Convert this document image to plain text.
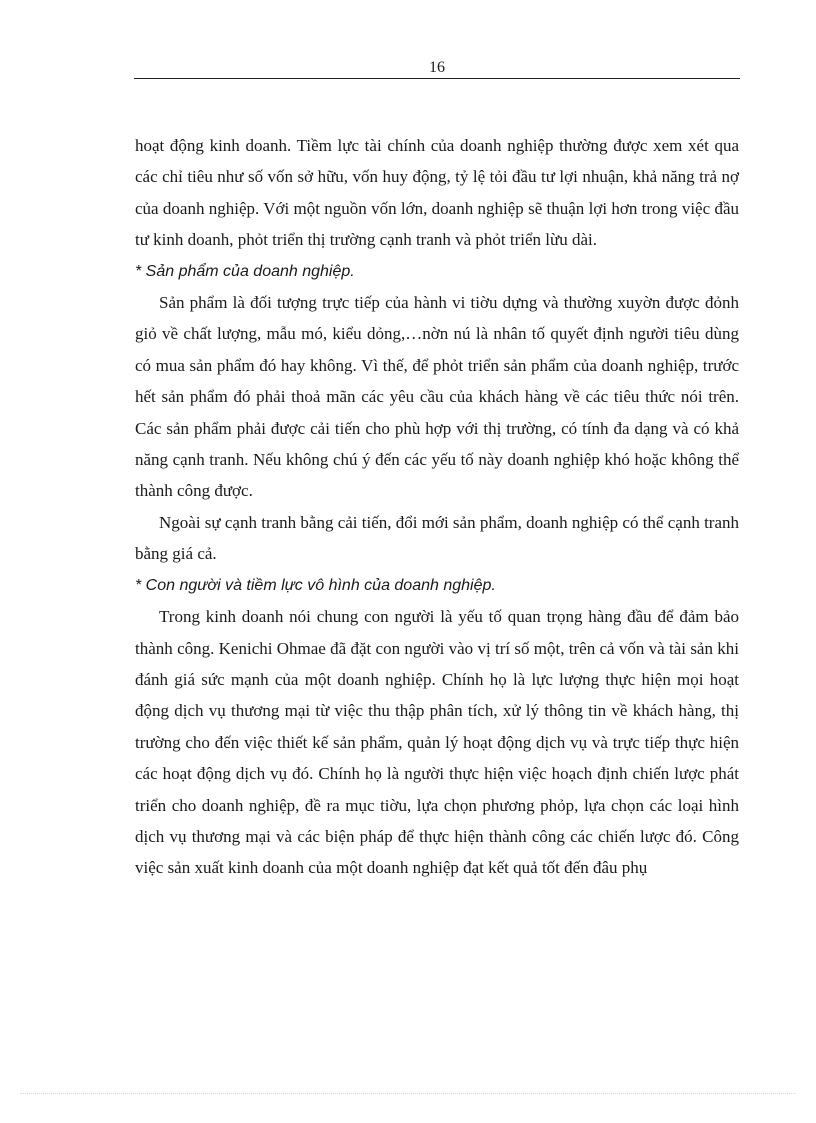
16

hoạt động kinh doanh. Tiềm lực tài chính của doanh nghiệp thường được xem xét qua các chỉ tiêu như số vốn sở hữu, vốn huy động, tỷ lệ tỏi đầu tư lợi nhuận, khả năng trả nợ của doanh nghiệp. Với một nguồn vốn lớn, doanh nghiệp sẽ thuận lợi hơn trong việc đầu tư kinh doanh, phỏt triển thị trường cạnh tranh và phỏt triển lừu dài.

* Sản phẩm của doanh nghiệp.

Sản phẩm là đối tượng trực tiếp của hành vi tiờu dựng và thường xuyờn được đỏnh giỏ về chất lượng, mẫu mó, kiểu dỏng,…nờn nú là nhân tố quyết định người tiêu dùng có mua sản phẩm đó hay không. Vì thế, để phỏt triển sản phẩm của doanh nghiệp, trước hết sản phẩm đó phải thoả mãn các yêu cầu của khách hàng về các tiêu thức nói trên. Các sản phẩm phải được cải tiến cho phù hợp với thị trường, có tính đa dạng và có khả năng cạnh tranh. Nếu không chú ý đến các yếu tố này doanh nghiệp khó hoặc không thể thành công được.

Ngoài sự cạnh tranh bằng cải tiến, đổi mới sản phẩm, doanh nghiệp có thể cạnh tranh bằng giá cả.

* Con người và tiềm lực vô hình của doanh nghiệp.

Trong kinh doanh nói chung con người là yếu tố quan trọng hàng đầu để đảm bảo thành công. Kenichi Ohmae đã đặt con người vào vị trí số một, trên cả vốn và tài sản khi đánh giá sức mạnh của một doanh nghiệp. Chính họ là lực lượng thực hiện mọi hoạt động dịch vụ thương mại từ việc thu thập phân tích, xử lý thông tin về khách hàng, thị trường cho đến việc thiết kế sản phẩm, quản lý hoạt động dịch vụ và trực tiếp thực hiện các hoạt động dịch vụ đó. Chính họ là người thực hiện việc hoạch định chiến lược phát triển cho doanh nghiệp, đề ra mục tiờu, lựa chọn phương phỏp, lựa chọn các loại hình dịch vụ thương mại và các biện pháp để thực hiện thành công các chiến lược đó. Công việc sản xuất kinh doanh của một doanh nghiệp đạt kết quả tốt đến đâu phụ
